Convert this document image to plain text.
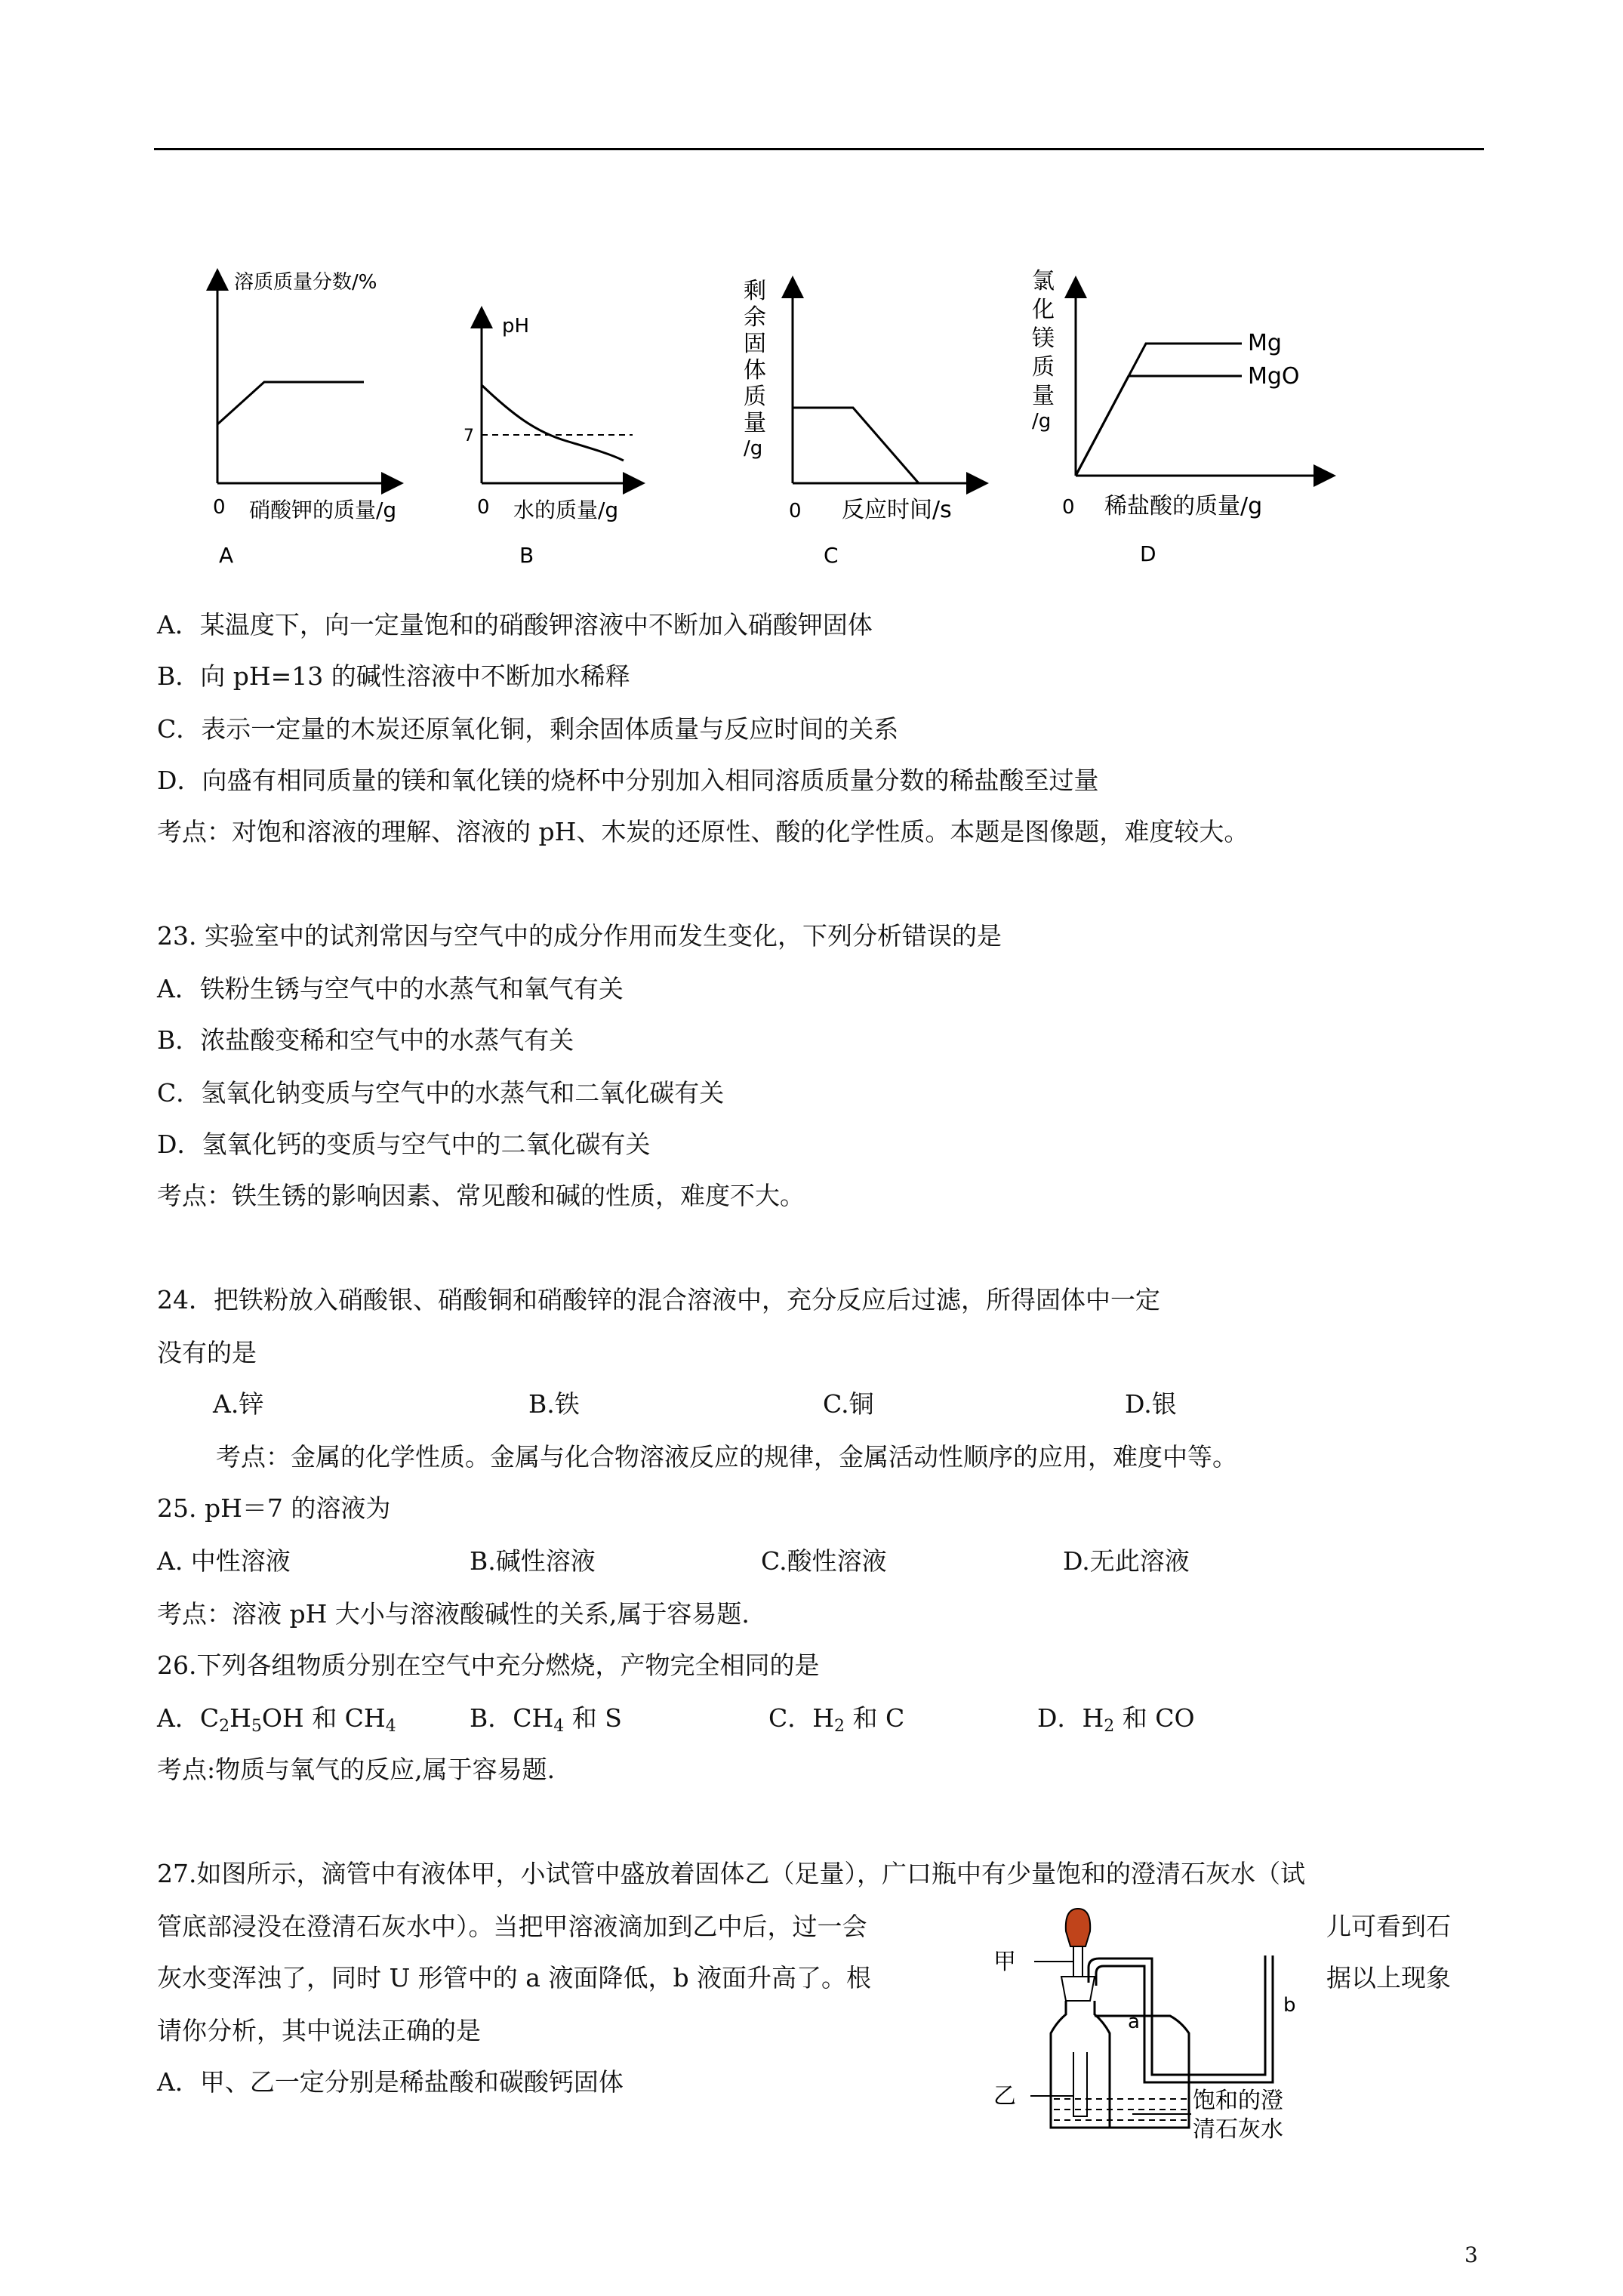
溶质质量分数/%
硝酸钾的质量/g
0
A
pH
7
水的质量/g
0
B
剩
余
固
体
质
量
/g
0 反应时间/s
C
氯
化
镁
质
量
/g
Mg
MgO
0 稀盐酸的质量/g
D
A．某温度下，向一定量饱和的硝酸钾溶液中不断加入硝酸钾固体
B．向 pH=13 的碱性溶液中不断加水稀释
C．表示一定量的木炭还原氧化铜，剩余固体质量与反应时间的关系
D．向盛有相同质量的镁和氧化镁的烧杯中分别加入相同溶质质量分数的稀盐酸至过量
考点：对饱和溶液的理解、溶液的 pH、木炭的还原性、酸的化学性质。本题是图像题，难度较大。
23. 实验室中的试剂常因与空气中的成分作用而发生变化，下列分析错误的是
A．铁粉生锈与空气中的水蒸气和氧气有关
B．浓盐酸变稀和空气中的水蒸气有关
C．氢氧化钠变质与空气中的水蒸气和二氧化碳有关
D．氢氧化钙的变质与空气中的二氧化碳有关
考点：铁生锈的影响因素、常见酸和碱的性质，难度不大。
24．把铁粉放入硝酸银、硝酸铜和硝酸锌的混合溶液中，充分反应后过滤，所得固体中一定
没有的是
A.锌	B.铁	C.铜	D.银
考点：金属的化学性质。金属与化合物溶液反应的规律，金属活动性顺序的应用，难度中等。
25. pH＝7 的溶液为
A. 中性溶液	B.碱性溶液	C.酸性溶液	D.无此溶液
考点：溶液 pH 大小与溶液酸碱性的关系,属于容易题.
26.下列各组物质分别在空气中充分燃烧，产物完全相同的是
A．$C_2H_5OH$ 和 $CH_4$	B．$CH_4$ 和 S	C．$H_2$ 和 C	D．$H_2$ 和 CO
考点:物质与氧气的反应,属于容易题.
27.如图所示，滴管中有液体甲，小试管中盛放着固体乙（足量），广口瓶中有少量饱和的澄清石灰水（试
管底部浸没在澄清石灰水中）。当把甲溶液滴加到乙中后，过一会	儿可看到石
灰水变浑浊了，同时 U 形管中的 a 液面降低，b 液面升高了。根	据以上现象
请你分析，其中说法正确的是
A．甲、乙一定分别是稀盐酸和碳酸钙固体
甲
乙
a
b
饱和的澄
清石灰水
3
